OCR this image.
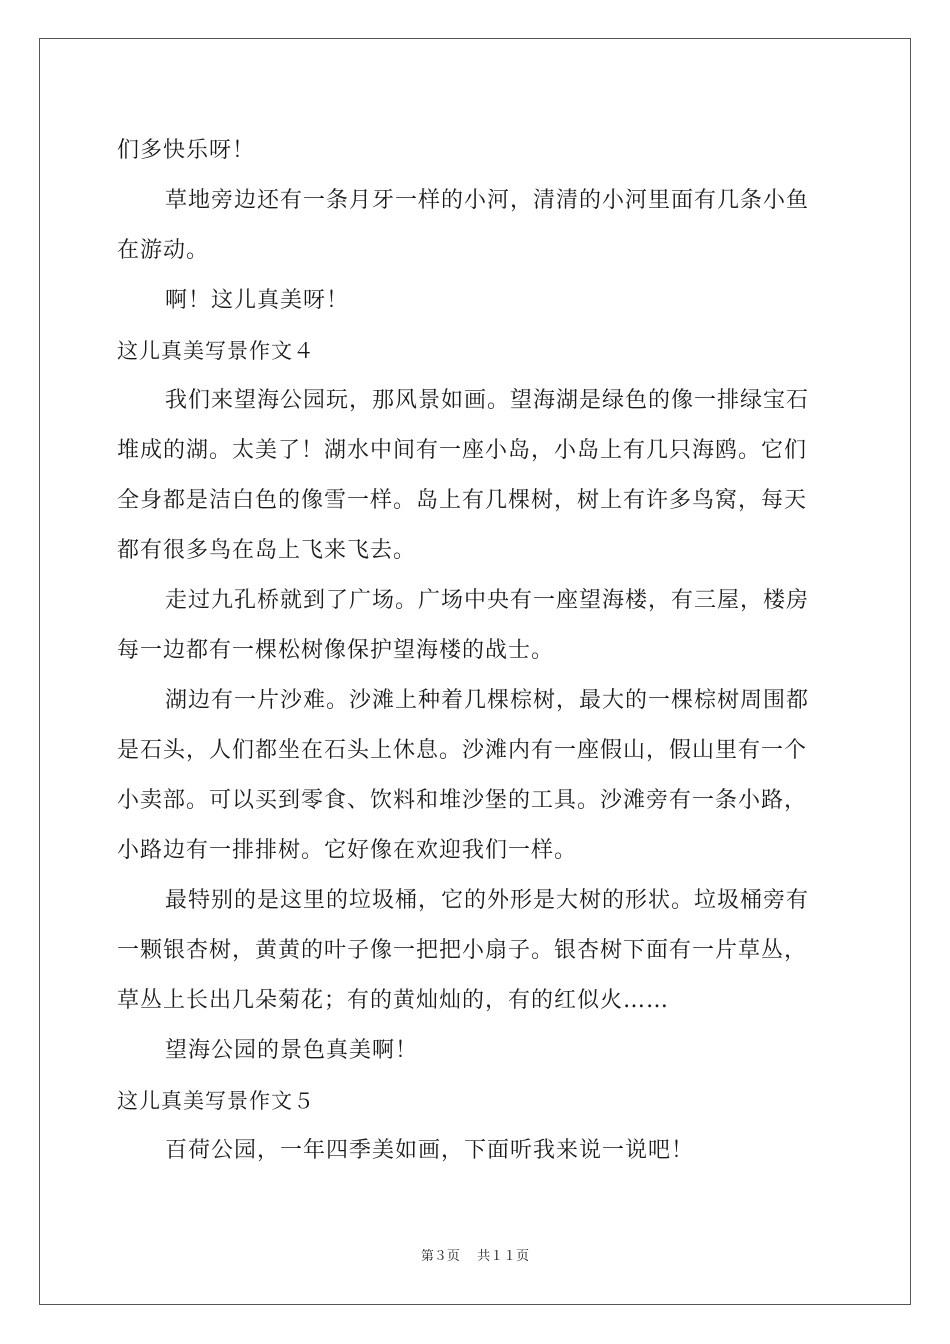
们多快乐呀！
草地旁边还有一条月牙一样的小河，清清的小河里面有几条小鱼
在游动。
啊！这儿真美呀！
这儿真美写景作文４
我们来望海公园玩，那风景如画。望海湖是绿色的像一排绿宝石
堆成的湖。太美了！湖水中间有一座小岛，小岛上有几只海鸥。它们
全身都是洁白色的像雪一样。岛上有几棵树，树上有许多鸟窝，每天
都有很多鸟在岛上飞来飞去。
走过九孔桥就到了广场。广场中央有一座望海楼，有三屋，楼房
每一边都有一棵松树像保护望海楼的战士。
湖边有一片沙难。沙滩上种着几棵棕树，最大的一棵棕树周围都
是石头，人们都坐在石头上休息。沙滩内有一座假山，假山里有一个
小卖部。可以买到零食、饮料和堆沙堡的工具。沙滩旁有一条小路，
小路边有一排排树。它好像在欢迎我们一样。
最特别的是这里的垃圾桶，它的外形是大树的形状。垃圾桶旁有
一颗银杏树，黄黄的叶子像一把把小扇子。银杏树下面有一片草丛，
草丛上长出几朵菊花；有的黄灿灿的，有的红似火……
望海公园的景色真美啊！
这儿真美写景作文５
百荷公园，一年四季美如画，下面听我来说一说吧！
第３页 共１１页
